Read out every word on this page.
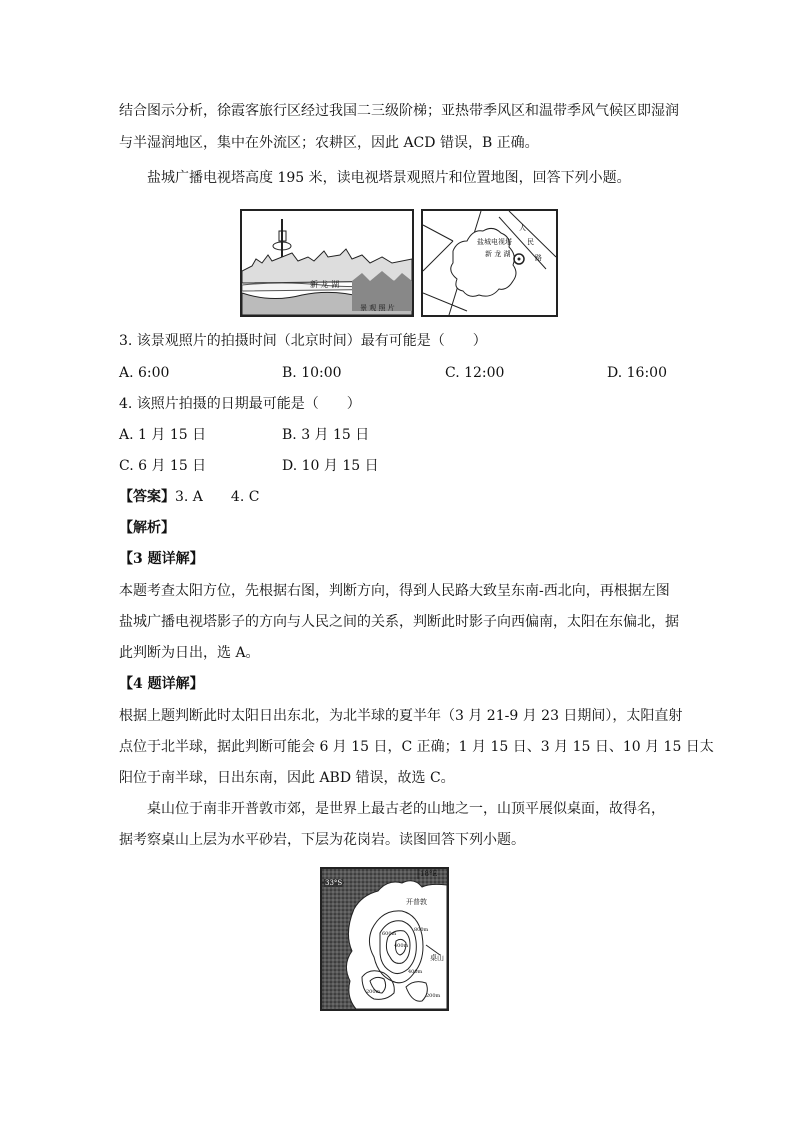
结合图示分析，徐霞客旅行区经过我国二三级阶梯；亚热带季风区和温带季风气候区即湿润
与半湿润地区，集中在外流区；农耕区，因此 ACD 错误，B 正确。
盐城广播电视塔高度 195 米，读电视塔景观照片和位置地图，回答下列小题。
新 龙 湖
景 观 照 片
盐城电视塔
新 龙 湖
人
民
路
3. 该景观照片的拍摄时间（北京时间）最有可能是（　　）
A. 6:00	B. 10:00	C. 12:00	D. 16:00
4. 该照片拍摄的日期最可能是（　　）
A. 1 月 15 日	B. 3 月 15 日
C. 6 月 15 日	D. 10 月 15 日
【答案】3. A　　4. C
【解析】
【3 题详解】
本题考查太阳方位，先根据右图，判断方向，得到人民路大致呈东南-西北向，再根据左图
盐城广播电视塔影子的方向与人民之间的关系，判断此时影子向西偏南，太阳在东偏北，据
此判断为日出，选 A。
【4 题详解】
根据上题判断此时太阳日出东北，为北半球的夏半年（3 月 21-9 月 23 日期间），太阳直射
点位于北半球，据此判断可能会 6 月 15 日，C 正确；1 月 15 日、3 月 15 日、10 月 15 日太
阳位于南半球，日出东南，因此 ABD 错误，故选 C。
桌山位于南非开普敦市郊，是世界上最古老的山地之一，山顶平展似桌面，故得名，
据考察桌山上层为水平砂岩，下层为花岗岩。读图回答下列小题。
33°S
18°E
开普敦
桌山
400m
600m
800m
400m
200m
200m
